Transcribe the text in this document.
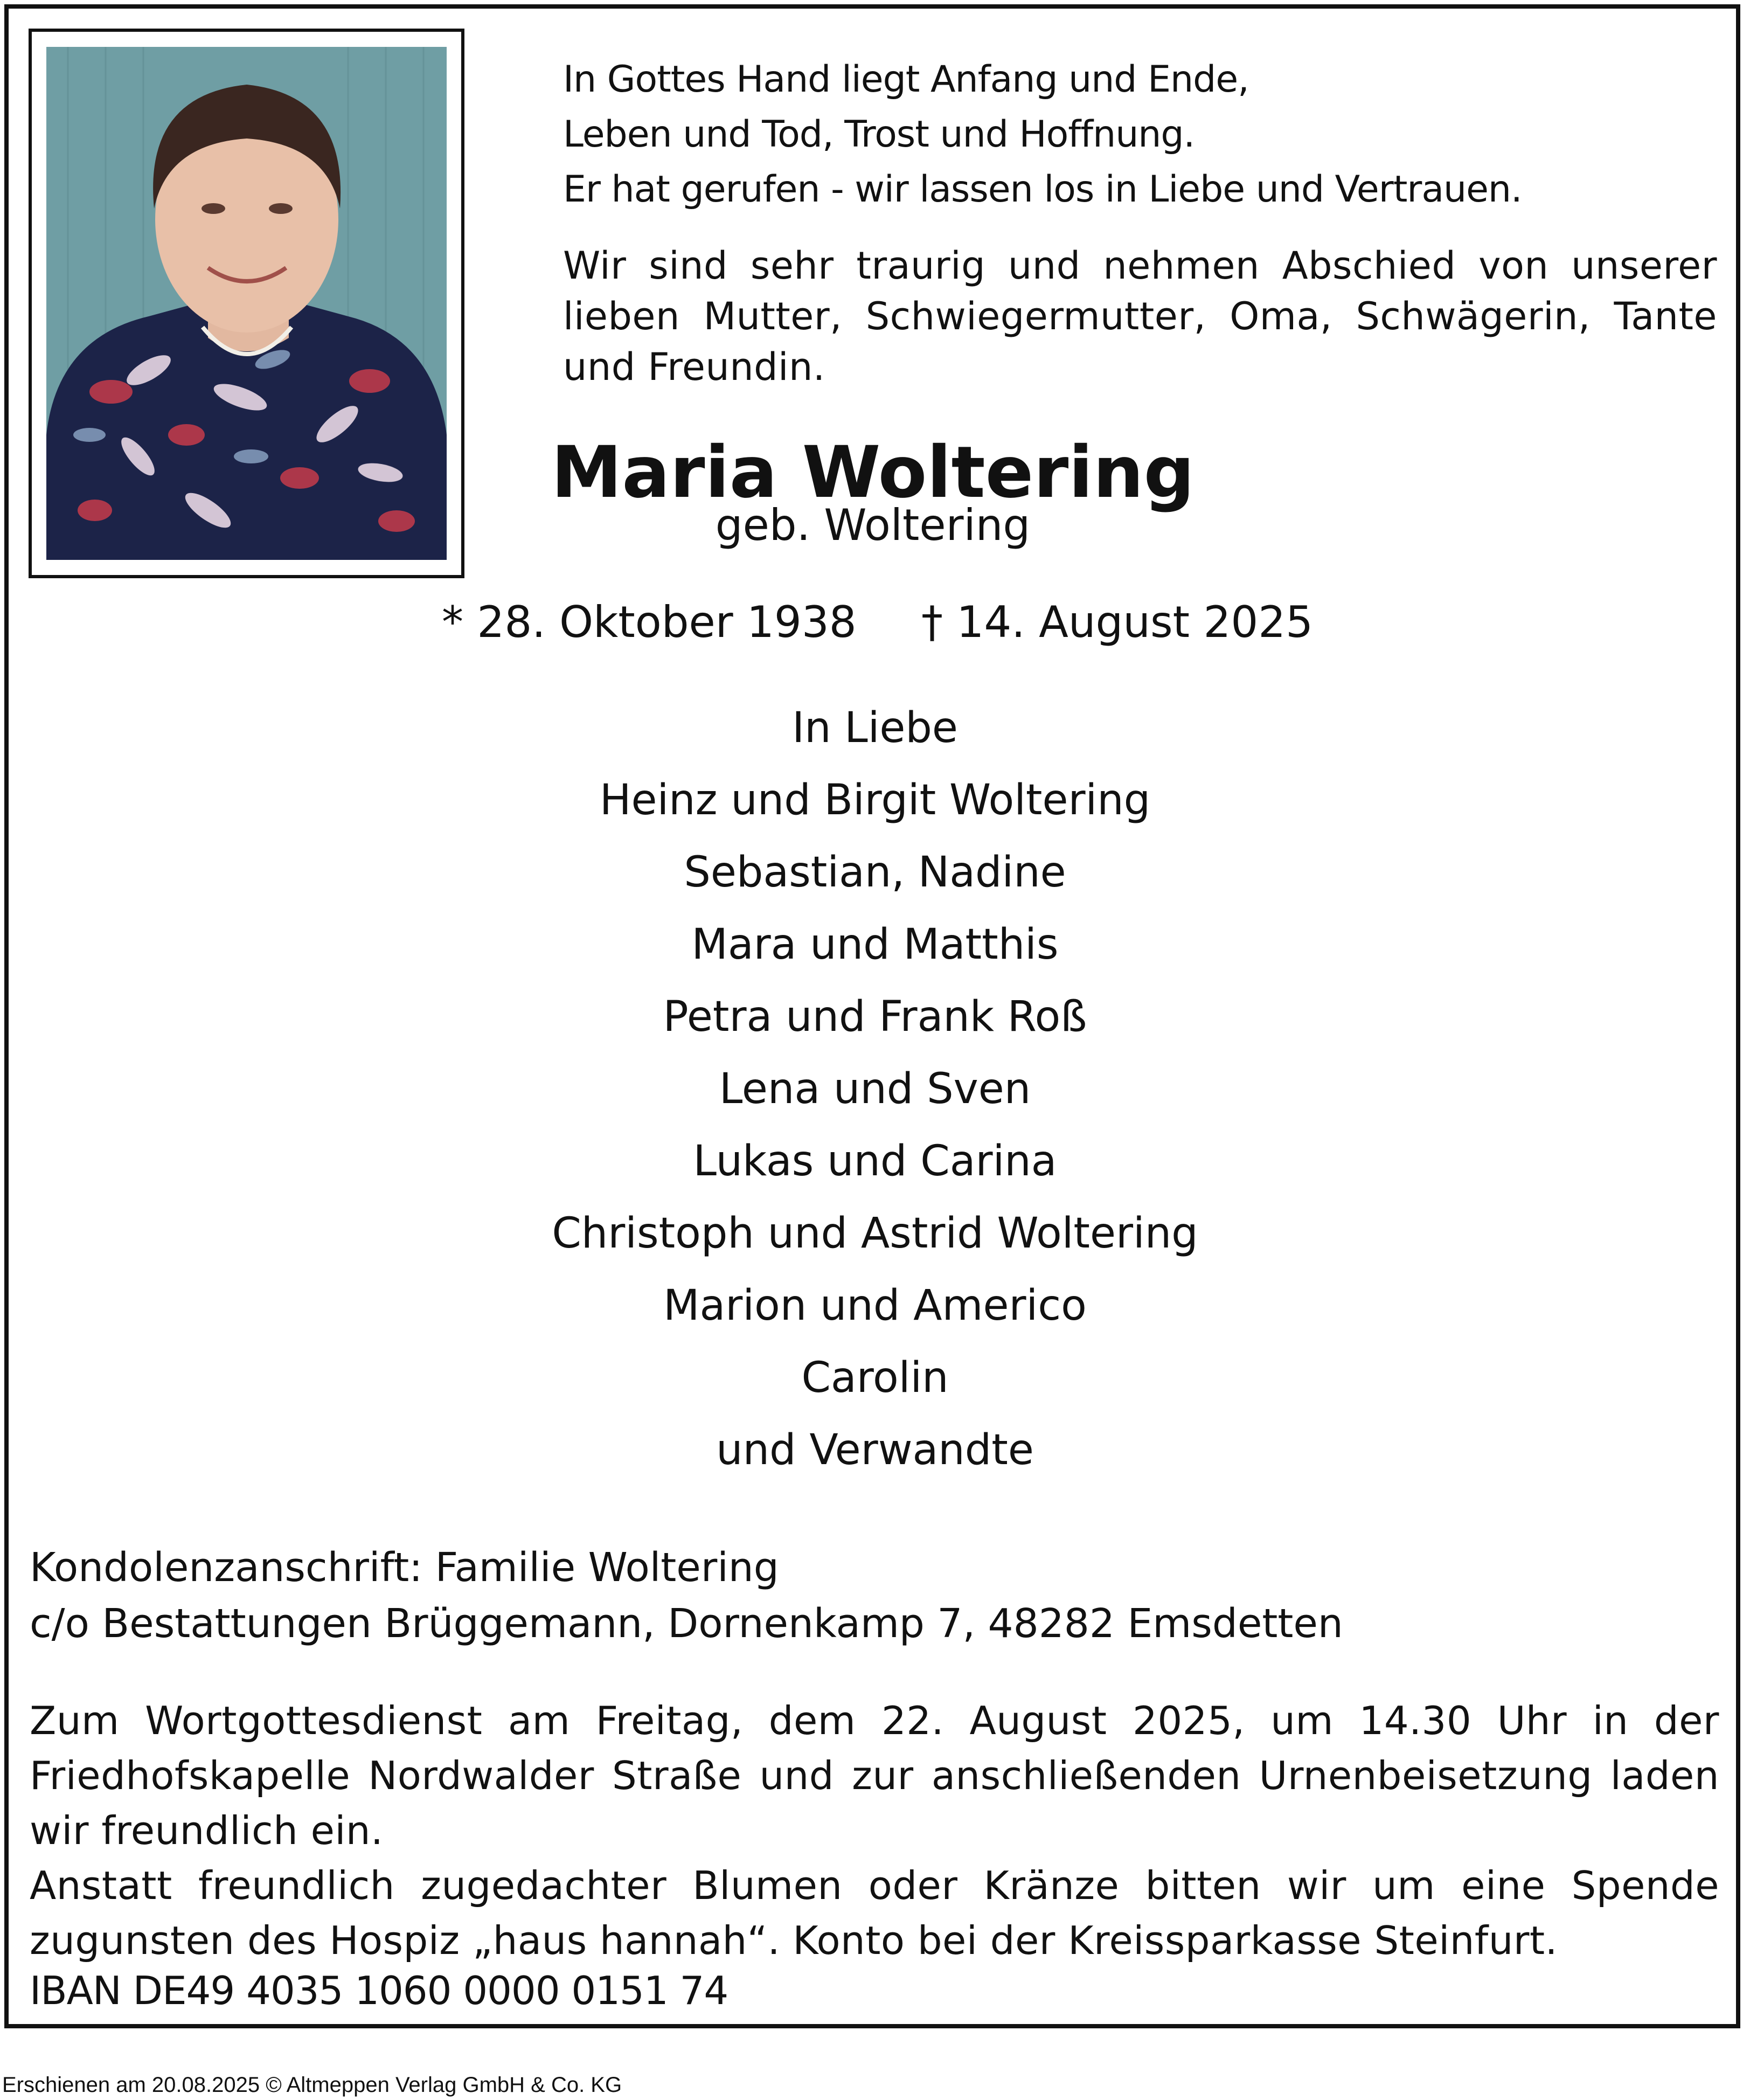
In Gottes Hand liegt Anfang und Ende,
Leben und Tod, Trost und Hoffnung.
Er hat gerufen - wir lassen los in Liebe und Vertrauen.
Wir sind sehr traurig und nehmen Abschied von unserer lieben Mutter, Schwiegermutter, Oma, Schwägerin, Tante und Freundin.
Maria Woltering
geb. Woltering
* 28. Oktober 1938 † 14. August 2025
In Liebe
Heinz und Birgit Woltering
Sebastian, Nadine
Mara und Matthis
Petra und Frank Roß
Lena und Sven
Lukas und Carina
Christoph und Astrid Woltering
Marion und Americo
Carolin
und Verwandte
Kondolenzanschrift: Familie Woltering
c/o Bestattungen Brüggemann, Dornenkamp 7, 48282 Emsdetten
Zum Wortgottesdienst am Freitag, dem 22. August 2025, um 14.30 Uhr in der Friedhofskapelle Nordwalder Straße und zur anschließenden Urnenbeisetzung laden wir freundlich ein.
Anstatt freundlich zugedachter Blumen oder Kränze bitten wir um eine Spende zugunsten des Hospiz „haus hannah“. Konto bei der Kreissparkasse Steinfurt.
IBAN DE49 4035 1060 0000 0151 74
Erschienen am 20.08.2025 © Altmeppen Verlag GmbH & Co. KG
